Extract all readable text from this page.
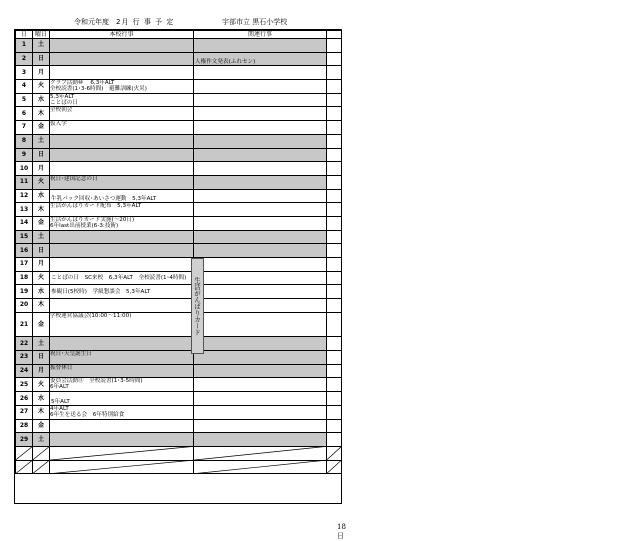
令和元年度 2月 行 事 予 定	宇部市立 黒石小学校
日	曜日	本校行事	関連行事	
1	土			
2	日		人権作文発表(ふれセン)	

3	月			
4	火	クラブ活動⑩　 6,3年ALT
全校読書(1･3-6時間)　避難訓練(火災)		

5	水	5,3年ALT
ことばの日		

6	木	全校朝会		

7	金	仮入学		

8	土			
9	日			
10	月			
11	火	祝日･建国記念の日		

12	水	牛乳パック回収･あいさつ運動　5,3年ALT		

13	木	生活がんばりカード配布　5,3年ALT		

14	金	生活がんばりカード実施(～20日)
6年last出前授業(6-3:技術)		

15	土			
16	日			
17	月			
18	火	ことばの日　SC来校　6,3年ALT　全校読書(1･4時間)		

19	水	参観日(5校時)　学級懇談会　5,3年ALT		

20	木			
21	金	学校運営協議会(10:00～11:00)		

22	土			
23	日	祝日･天皇誕生日		

24	月	振替休日		

25	火	委員会活動⑪　全校読書(1･3-5時間)
6年ALT		

26	水	5年ALT		

27	木	4年ALT
6年生を送る会　6年特別給食		

28	金			
29	土			

生活がんばりカード
18日
